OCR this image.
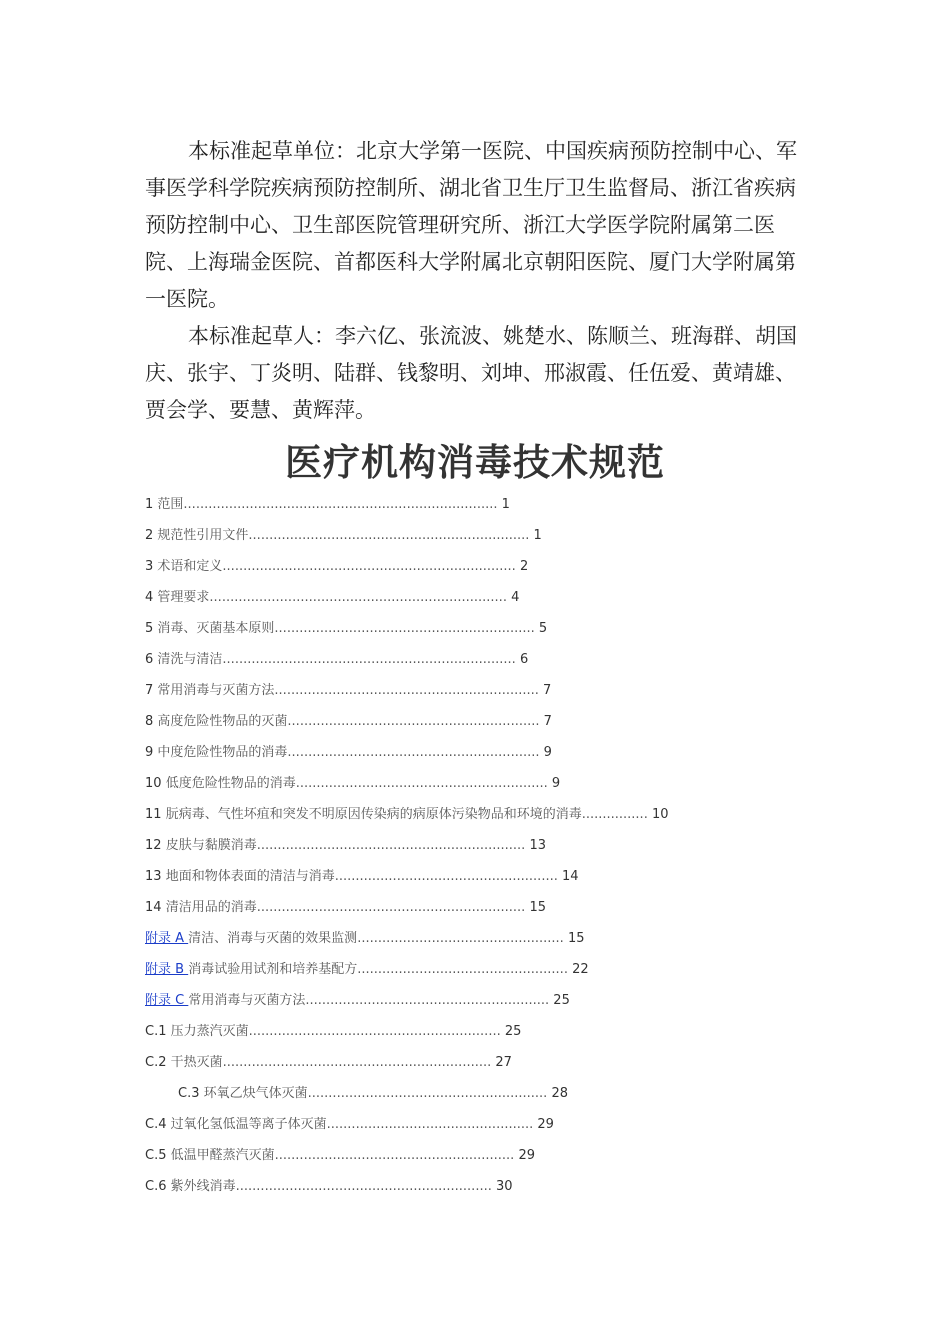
本标准起草单位：北京大学第一医院、中国疾病预防控制中心、军事医学科学院疾病预防控制所、湖北省卫生厅卫生监督局、浙江省疾病预防控制中心、卫生部医院管理研究所、浙江大学医学院附属第二医院、上海瑞金医院、首都医科大学附属北京朝阳医院、厦门大学附属第一医院。

本标准起草人：李六亿、张流波、姚楚水、陈顺兰、班海群、胡国庆、张宇、丁炎明、陆群、钱黎明、刘坤、邢淑霞、任伍爱、黄靖雄、贾会学、要慧、黄辉萍。

医疗机构消毒技术规范
1 范围............................................................................ 1
2 规范性引用文件.................................................................... 1
3 术语和定义....................................................................... 2
4 管理要求........................................................................ 4
5 消毒、灭菌基本原则............................................................... 5
6 清洗与清洁....................................................................... 6
7 常用消毒与灭菌方法................................................................ 7
8 高度危险性物品的灭菌............................................................. 7
9 中度危险性物品的消毒............................................................. 9
10 低度危险性物品的消毒............................................................. 9
11 朊病毒、气性坏疽和突发不明原因传染病的病原体污染物品和环境的消毒................ 10
12 皮肤与黏膜消毒................................................................. 13
13 地面和物体表面的清洁与消毒...................................................... 14
14 清洁用品的消毒................................................................. 15
附录 A 清洁、消毒与灭菌的效果监测.................................................. 15
附录 B 消毒试验用试剂和培养基配方................................................... 22
附录 C 常用消毒与灭菌方法........................................................... 25
C.1 压力蒸汽灭菌............................................................. 25
C.2 干热灭菌................................................................. 27
C.3 环氧乙炔气体灭菌.......................................................... 28
C.4 过氧化氢低温等离子体灭菌.................................................. 29
C.5 低温甲醛蒸汽灭菌.......................................................... 29
C.6 紫外线消毒.............................................................. 30
